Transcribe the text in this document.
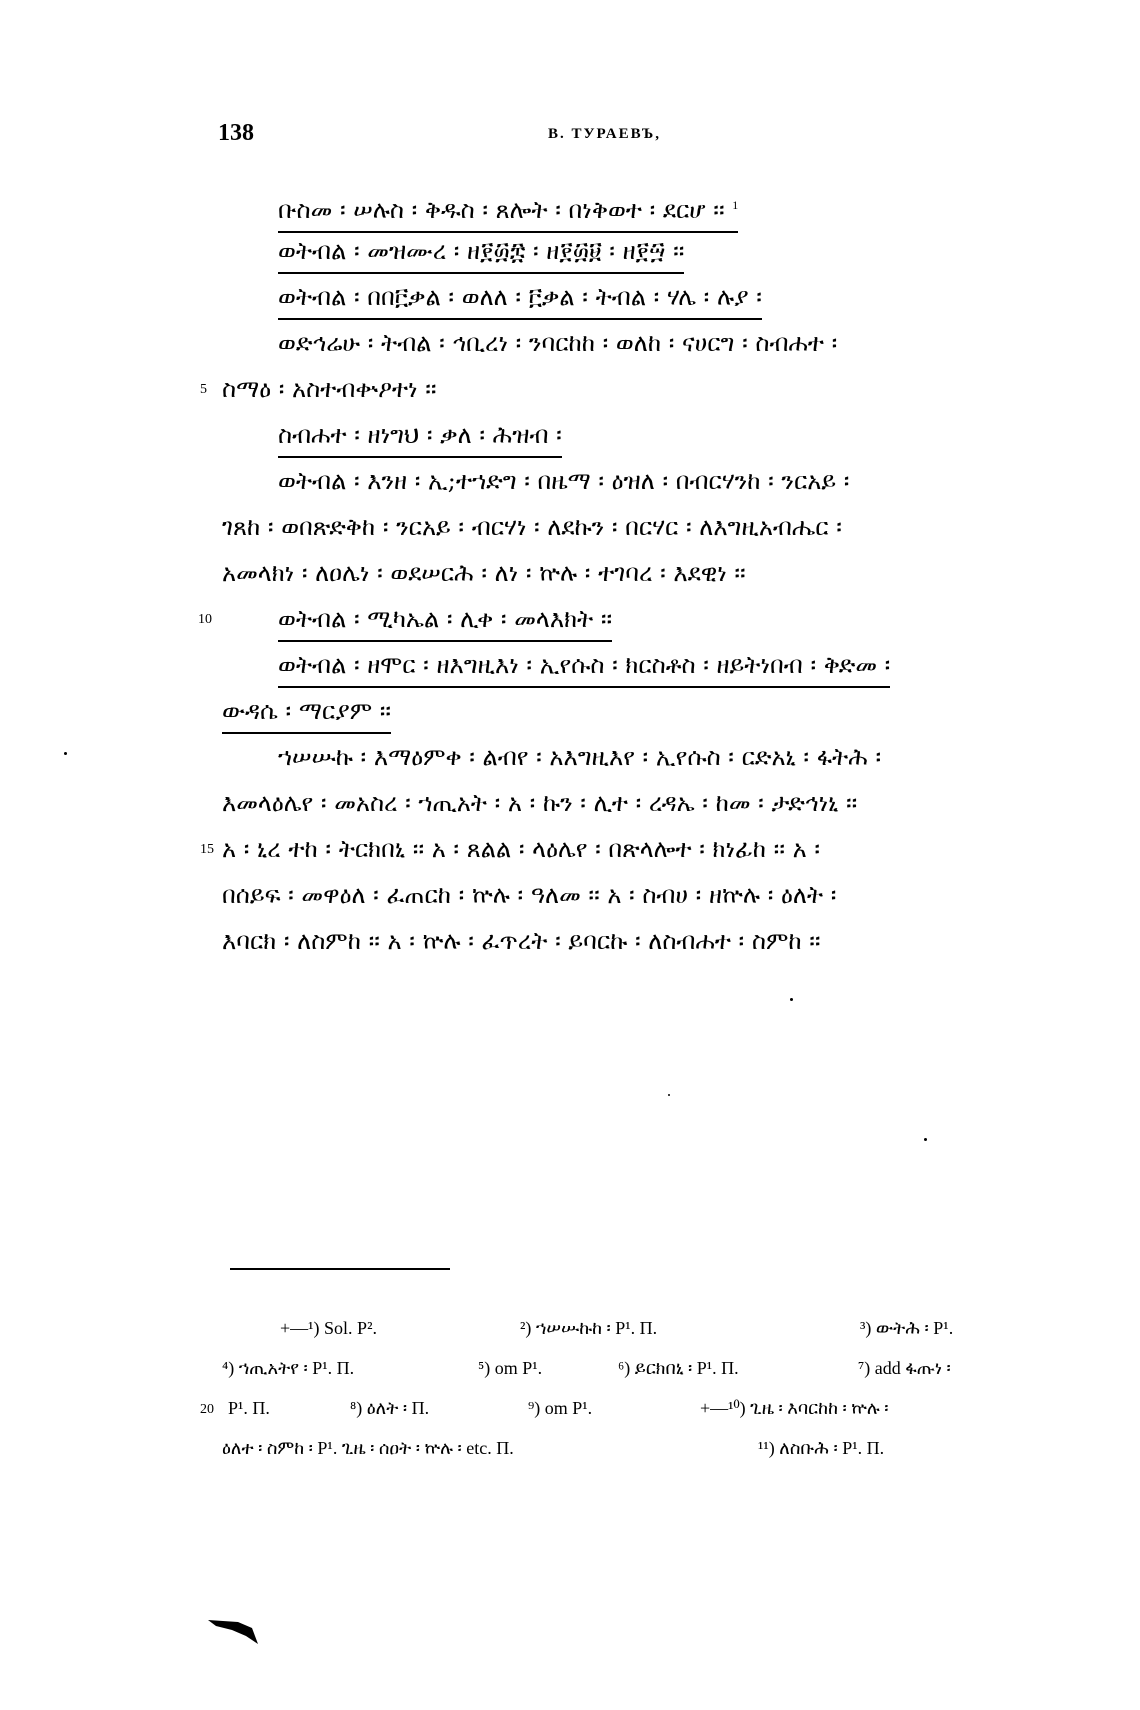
138	В. ТУРАЕВЪ,
ቡስመ ፡ ሠሉስ ፡ ቅዱስ ፡ ጸሎት ፡ በነቅወተ ፡ ደርሆ ፡፡ $^1$
ወትብል ፡ መዝሙረ ፡ ዘ፻፴፰ ፡ ዘ፻፴፱ ፡ ዘ፻፵ ፡፡
ወትብል ፡ በበ፫ቃል ፡ ወለለ ፡ ፫ቃል ፡ ትብል ፡ ሃሌ ፡ ሉያ ፡
ወድኅሬሁ ፡ ትብል ፡ ኅቢረነ ፡ ንባርከከ ፡ ወለከ ፡ ናሀርግ ፡ ስብሐተ ፡
ስማዕ ፡ አስተብቍዖተነ ፡፡
5
ስብሐተ ፡ ዘነግህ ፡ ቃለ ፡ ሕዝብ ፡
ወትብል ፡ እንዘ ፡ ኢ;ተኀድግ ፡ በዜማ ፡ ዕዝለ ፡ በብርሃንከ ፡ ንርአይ ፡
ገጸከ ፡ ወበጽድቅከ ፡ ንርአይ ፡ ብርሃነ ፡ ለደኩን ፡ በርሃር ፡ ለእግዚአብሔር ፡
አመላክነ ፡ ለዐሌነ ፡ ወደሠርሕ ፡ ለነ ፡ ኵሉ ፡ ተገባረ ፡ እደዊነ ፡፡
ወትብል ፡ ሚካኤል ፡ ሊቀ ፡ መላእክት ፡፡
10
ወትብል ፡ ዘሞር ፡ ዘእግዚእነ ፡ ኢየሱስ ፡ ክርስቶስ ፡ ዘይትነበብ ፡ ቅድመ ፡
ውዳሴ ፡ ማርያም ፡፡
ኀሠሡኩ ፡ እማዕምቀ ፡ ልብየ ፡ አእግዚእየ ፡ ኢየሱስ ፡ ርድአኒ ፡ ፋትሕ ፡
እመላዕሌየ ፡ መአስረ ፡ ኀጢአት ፡ አ ፡ ኩን ፡ ሊተ ፡ ረዳኤ ፡ ከመ ፡ ታድኅነኒ ፡፡
አ ፡ ኒረ ተከ ፡ ትርክበኒ ፡፡ አ ፡ ጸልል ፡ ላዕሌየ ፡ በጽላሎተ ፡ ክነፊከ ፡፡ አ ፡
15
በሰይፍ ፡ መዋዕለ ፡ ፈጠርከ ፡ ኵሉ ፡ ዓለመ ፡፡ አ ፡ ስብሀ ፡ ዘኵሉ ፡ ዕለት ፡
እባርክ ፡ ለስምከ ፡፡ አ ፡ ኵሉ ፡ ፈጥረት ፡ ይባርኩ ፡ ለስብሐተ ፡ ስምከ ፡፡
+—¹) Sol. P².	²) ኀሠሡኩከ ፡ P¹. Π.	³) ውትሕ ፡ P¹.
⁴) ኀጢአትየ ፡ P¹. Π.	⁵) om P¹.	⁶) ይርክበኒ ፡ P¹. Π.	⁷) add ፋጡነ ፡
20 P¹. Π.	⁸) ዕለት ፡ Π.	⁹) om P¹.	+—¹⁰) ጊዜ ፡ እባርከከ ፡ ኵሉ ፡
ዕለተ ፡ ስምከ ፡ P¹. ጊዜ ፡ ሰዐት ፡ ኵሉ ፡ etc. Π.	¹¹) ለስቡሕ ፡ P¹. Π.
